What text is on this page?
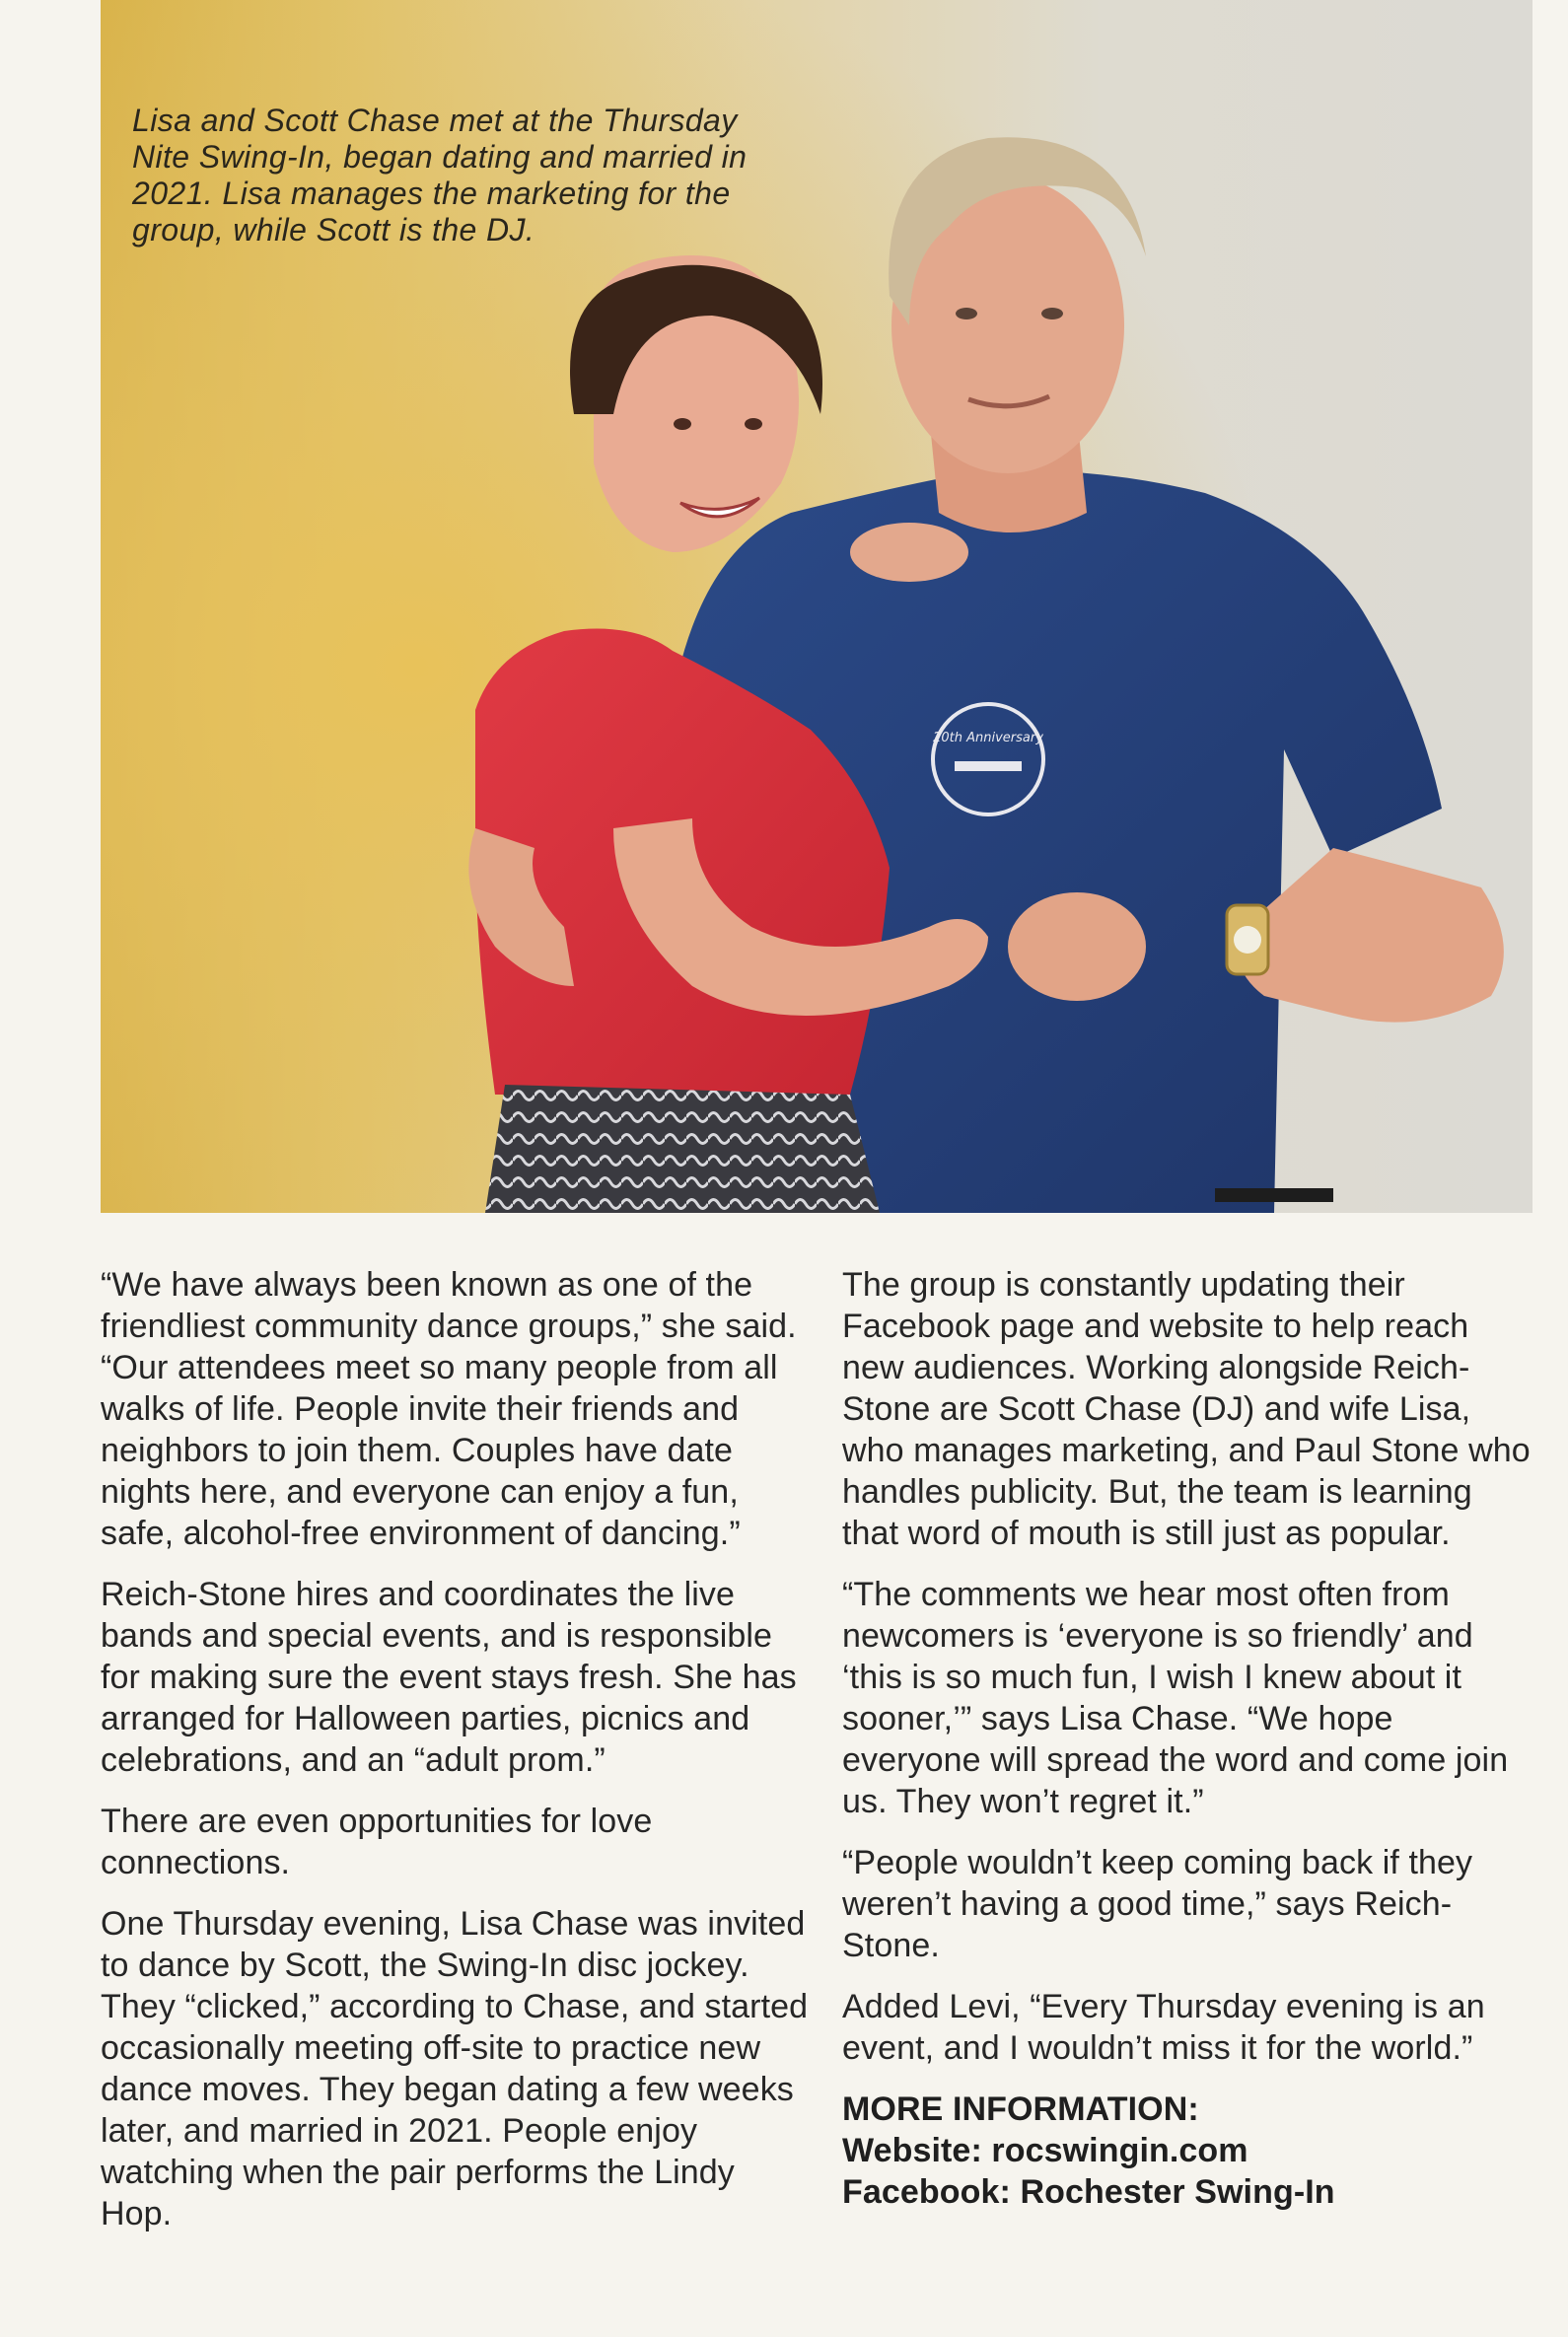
20th Anniversary
Lisa and Scott Chase met at the Thursday Nite Swing-In, began dating and married in 2021. Lisa manages the marketing for the group, while Scott is the DJ.

“We have always been known as one of the friendliest community dance groups,” she said. “Our attendees meet so many people from all walks of life. People invite their friends and neighbors to join them. Couples have date nights here, and everyone can enjoy a fun, safe, alcohol-free environment of dancing.”

Reich-Stone hires and coordinates the live bands and special events, and is responsible for making sure the event stays fresh. She has arranged for Halloween parties, picnics and celebrations, and an “adult prom.”

There are even opportunities for love connections.

One Thursday evening, Lisa Chase was invited to dance by Scott, the Swing-In disc jockey. They “clicked,” according to Chase, and started occasionally meeting off-site to practice new dance moves. They began dating a few weeks later, and married in 2021. People enjoy watching when the pair performs the Lindy Hop.

The group is constantly updating their Facebook page and website to help reach new audiences. Working alongside Reich-Stone are Scott Chase (DJ) and wife Lisa, who manages marketing, and Paul Stone who handles publicity. But, the team is learning that word of mouth is still just as popular.

“The comments we hear most often from newcomers is ‘everyone is so friendly’ and ‘this is so much fun, I wish I knew about it sooner,’” says Lisa Chase. “We hope everyone will spread the word and come join us. They won’t regret it.”

“People wouldn’t keep coming back if they weren’t having a good time,” says Reich-Stone.

Added Levi, “Every Thursday evening is an event, and I wouldn’t miss it for the world.”

MORE INFORMATION:
Website: rocswingin.com
Facebook: Rochester Swing-In
